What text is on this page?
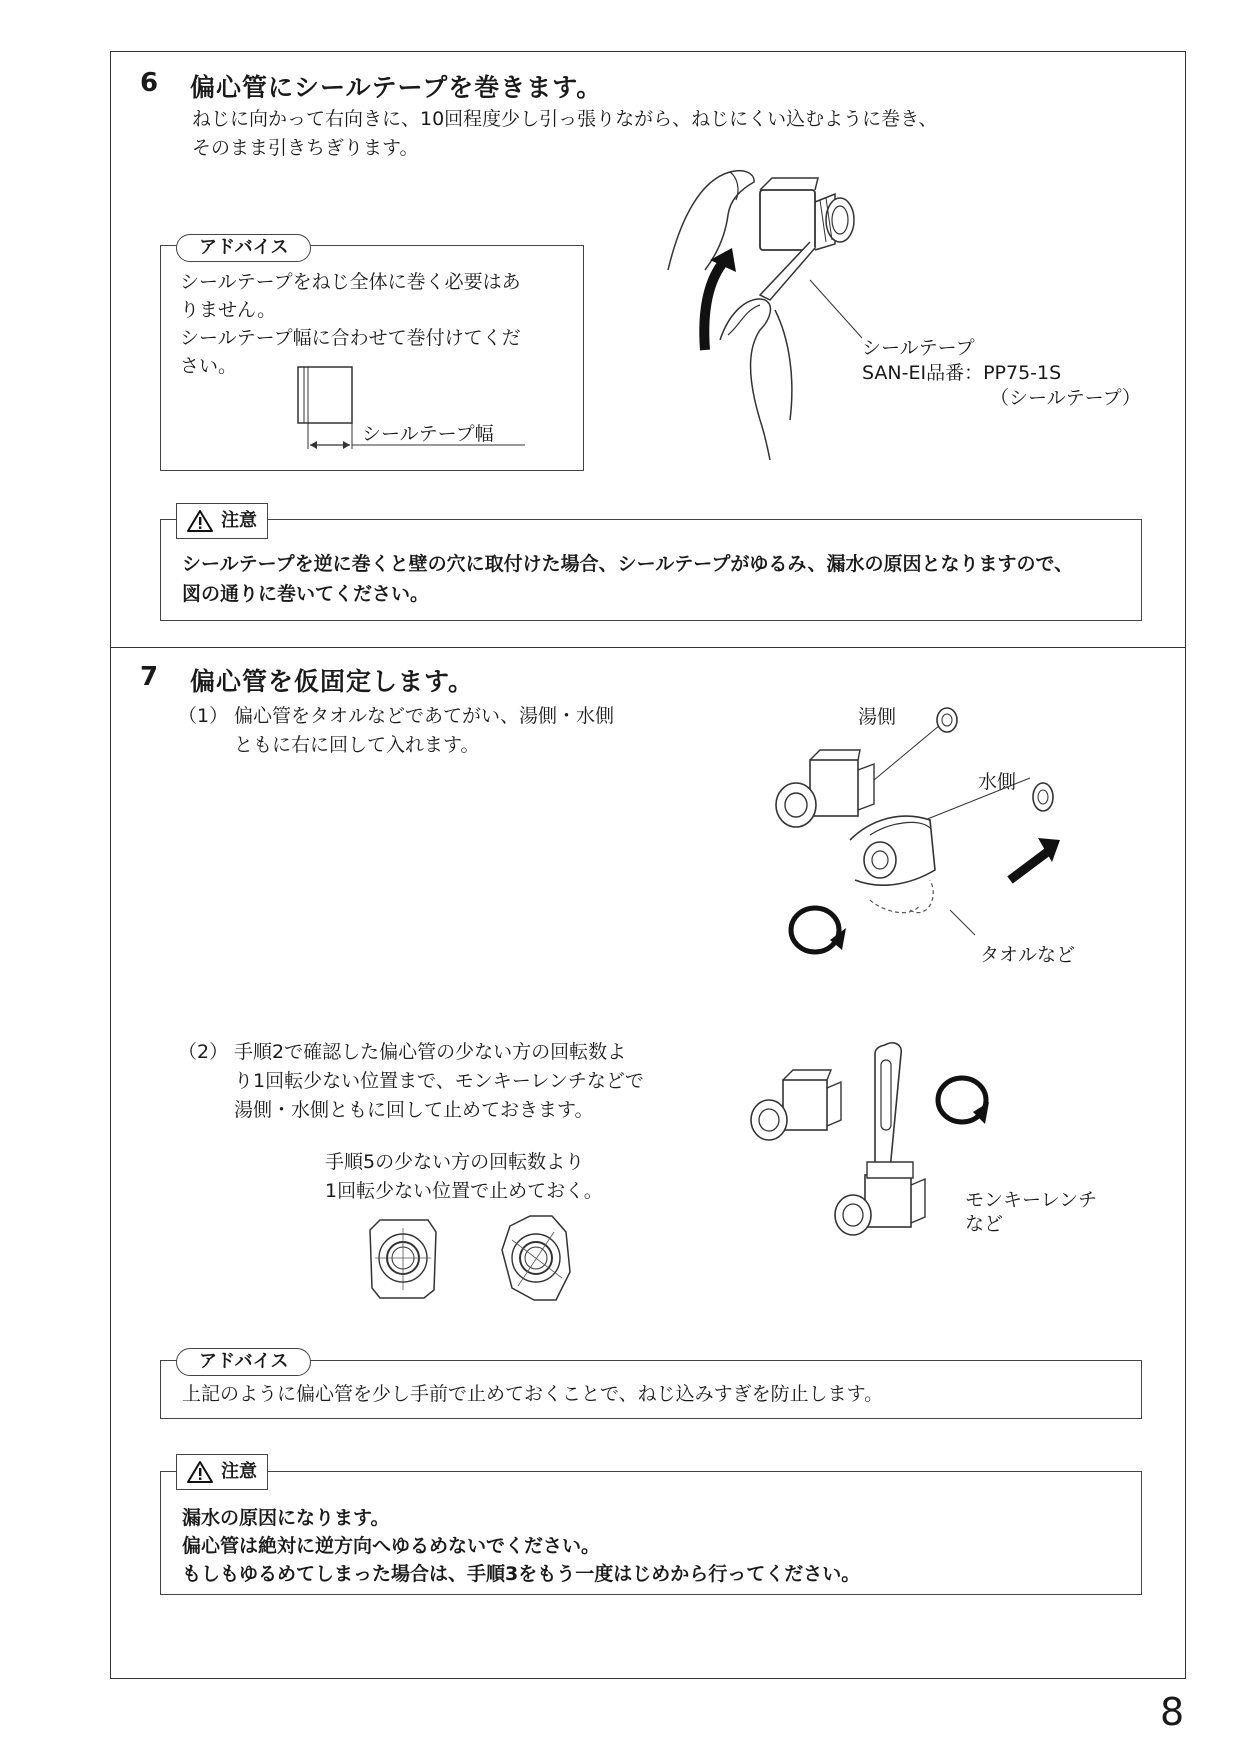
6 偏心管にシールテープを巻きます。
ねじに向かって右向きに、10回程度少し引っ張りながら、ねじにくい込むように巻き、
そのまま引きちぎります。
アドバイス
シールテープをねじ全体に巻く必要はあ
りません。
シールテープ幅に合わせて巻付けてくだ
さい。
シールテープ幅
シールテープ
SAN-EI品番：PP75-1S
（シールテープ）
注意
シールテープを逆に巻くと壁の穴に取付けた場合、シールテープがゆるみ、漏水の原因となりますので、
図の通りに巻いてください。
7 偏心管を仮固定します。
（1） 偏心管をタオルなどであてがい、湯側・水側
ともに右に回して入れます。
湯側
水側
タオルなど
（2） 手順2で確認した偏心管の少ない方の回転数よ
り1回転少ない位置まで、モンキーレンチなどで
湯側・水側ともに回して止めておきます。
手順5の少ない方の回転数より
1回転少ない位置で止めておく。	モンキーレンチ
など
アドバイス
上記のように偏心管を少し手前で止めておくことで、ねじ込みすぎを防止します。
注意
漏水の原因になります。
偏心管は絶対に逆方向へゆるめないでください。
もしもゆるめてしまった場合は、手順3をもう一度はじめから行ってください。
8
